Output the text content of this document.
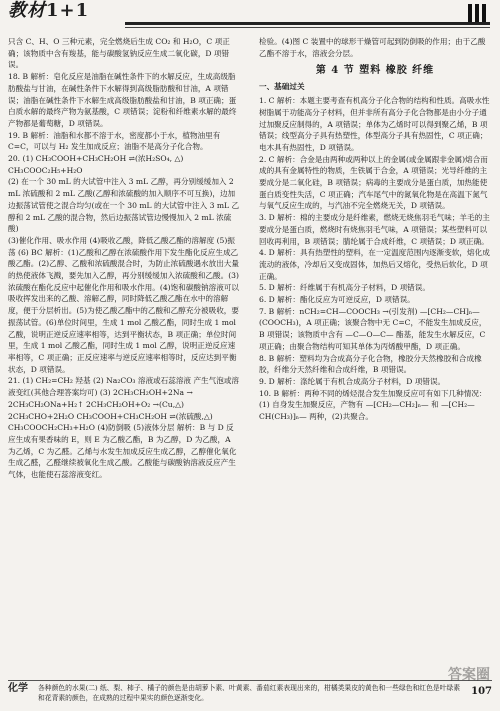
教材1+1

只含 C、H、O 三种元素，完全燃烧后生成 CO₂ 和 H₂O，C 项正确；该物质中含有羧基，能与碳酸氢钠反应生成二氧化碳，D 项错误。

18. B 解析：皂化反应是油脂在碱性条件下的水解反应，生成高级脂肪酸盐与甘油，在碱性条件下水解得到高级脂肪酸和甘油，A 项错误；油脂在碱性条件下水解生成高级脂肪酸盐和甘油，B 项正确；蛋白质水解的最终产物为氨基酸，C 项错误；淀粉和纤维素水解的最终产物都是葡萄糖，D 项错误。

19. B 解析：油脂和水都不溶于水，密度都小于水，植物油里有 C=C，可以与 H₂ 发生加成反应；油脂不是高分子化合物。

20. (1) CH₃COOH+CH₃CH₂OH ⇌(浓H₂SO₄, △) CH₃COOC₂H₅+H₂O

(2) 在一个 30 mL 的大试管中注入 3 mL 乙醇，再分别缓缓加入 2 mL 浓硫酸和 2 mL 乙酸(乙醇和浓硫酸的加入顺序不可互换)，边加边振荡试管使之混合均匀(或在一个 30 mL 的大试管中注入 3 mL 乙醇和 2 mL 乙酸的混合物，然后边振荡试管边慢慢加入 2 mL 浓硫酸)

(3)催化作用、吸水作用 (4)吸收乙酸，降低乙酸乙酯的溶解度 (5)振荡 (6) BC 解析：(1)乙酸和乙醇在浓硫酸作用下发生酯化反应生成乙酸乙酯。(2)乙醇、乙酸和浓硫酸混合时，为防止浓硫酸遇水放出大量的热使液体飞溅，要先加入乙醇，再分别缓缓加入浓硫酸和乙酸。(3)浓硫酸在酯化反应中起催化作用和吸水作用。(4)饱和碳酸钠溶液可以吸收挥发出来的乙酸、溶解乙醇，同时降低乙酸乙酯在水中的溶解度，便于分层析出。(5)为使乙酸乙酯中的乙酸和乙醇充分被吸收，要振荡试管。(6)单位时间里，生成 1 mol 乙酸乙酯，同时生成 1 mol 乙酸，说明正逆反应速率相等，达到平衡状态，B 项正确；单位时间里，生成 1 mol 乙酸乙酯，同时生成 1 mol 乙醇，说明正逆反应速率相等，C 项正确；正反应速率与逆反应速率相等时，反应达到平衡状态，D 项错误。

21. (1) CH₂=CH₂ 羟基 (2) Na₂CO₃ 溶液或石蕊溶液 产生气泡或溶液变红(其他合理答案均可) (3) 2CH₃CH₂OH+2Na → 2CH₃CH₂ONa+H₂↑ 2CH₃CH₂OH+O₂ →(Cu,△) 2CH₃CHO+2H₂O CH₃COOH+CH₃CH₂OH ⇌(浓硫酸,△) CH₃COOCH₂CH₃+H₂O (4)防倒吸 (5)液体分层 解析：B 与 D 反应生成有果香味的 E，则 E 为乙酸乙酯，B 为乙醇，D 为乙酸，A 为乙烯，C 为乙醛。乙烯与水发生加成反应生成乙醇，乙醇催化氧化生成乙醛，乙醛继续被氧化生成乙酸。乙酸能与碳酸钠溶液反应产生气体，也能使石蕊溶液变红。

检验。(4)图 C 装置中的球形干燥管可起到防倒吸的作用；由于乙酸乙酯不溶于水，溶液会分层。

第 4 节 塑料 橡胶 纤维
一、基础过关

1. C 解析：本题主要考查有机高分子化合物的结构和性质。高吸水性树脂属于功能高分子材料，但并非所有高分子化合物都是由小分子通过加聚反应制得的，A 项错误；单体为乙烯时可以得到聚乙烯，B 项错误；线型高分子具有热塑性，体型高分子具有热固性，C 项正确；电木具有热固性，D 项错误。

2. C 解析：合金是由两种或两种以上的金属(或金属跟非金属)熔合而成的具有金属特性的物质，生铁属于合金，A 项错误；光导纤维的主要成分是二氧化硅，B 项错误；病毒的主要成分是蛋白质，加热能使蛋白质变性失活，C 项正确；汽车尾气中的氮氧化物是在高温下氮气与氧气反应生成的，与汽油不完全燃烧无关，D 项错误。

3. D 解析：棉的主要成分是纤维素，燃烧无烧焦羽毛气味；羊毛的主要成分是蛋白质，燃烧时有烧焦羽毛气味，A 项错误；某些塑料可以回收再利用，B 项错误；腈纶属于合成纤维，C 项错误；D 项正确。

4. D 解析：具有热塑性的塑料，在一定温度范围内逐渐变软，熔化成流动的液体，冷却后又变成固体，加热后又熔化，受热后软化，D 项正确。

5. D 解析：纤维属于有机高分子材料，D 项错误。

6. D 解析：酯化反应为可逆反应，D 项错误。

7. B 解析：nCH₂=CH—COOCH₃ →(引发剂) —[CH₂—CH]ₙ— (COOCH₃)，A 项正确；该聚合物中无 C=C，不能发生加成反应，B 项错误；该物质中含有 —C—O—C— 酯基，能发生水解反应，C 项正确；由聚合物结构可知其单体为丙烯酸甲酯，D 项正确。

8. B 解析：塑料均为合成高分子化合物，橡胶分天然橡胶和合成橡胶，纤维分天然纤维和合成纤维，B 项错误。

9. D 解析：涤纶属于有机合成高分子材料，D 项错误。

10. B 解析：两种不同的烯烃混合发生加聚反应可有如下几种情况：(1) 自身发生加聚反应，产物有 —[CH₂—CH₂]ₙ— 和 —[CH₂—CH(CH₃)]ₙ— 两种，(2)共聚合。

化学 各种颜色的水果(二) 纸、梨、柿子、橘子的颜色是由胡萝卜素、叶黄素、番茄红素表现出来的，柑橘类果皮的黄色和一些绿色和红色是叶绿素和花青素的颜色，在成熟的过程中果实的颜色逐渐变化。
107
答案圈
